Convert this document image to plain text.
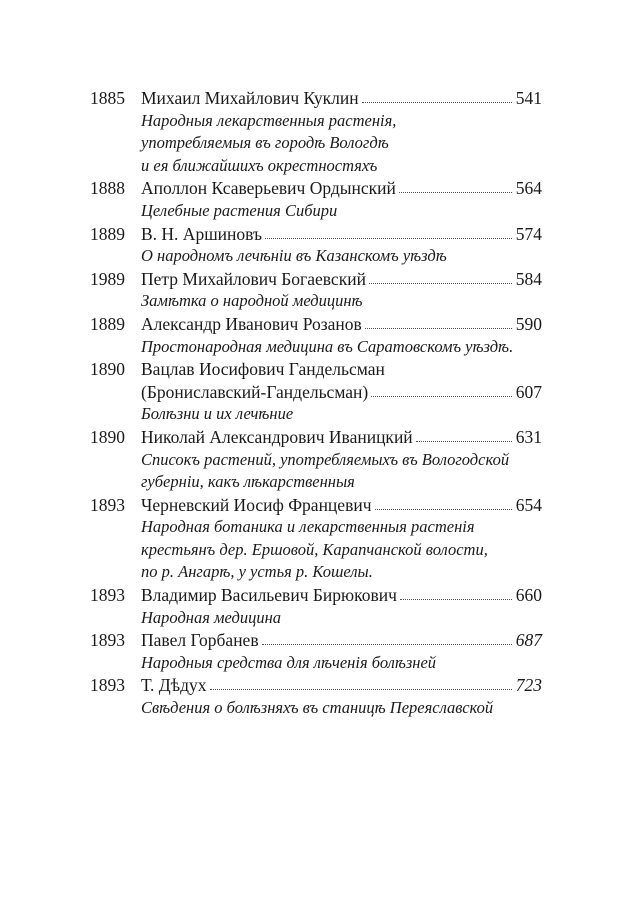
1885 Михаил Михайлович Куклин	541
Народныя лекарственныя растенія,
употребляемыя въ городѣ Вологдѣ
и ея ближайшихъ окрестностяхъ
1888 Аполлон Ксаверьевич Ордынский	564
Целебные растения Сибири
1889 В. Н. Аршиновъ	574
О народномъ лечѣнiи въ Казанскомъ уѣздѣ
1989 Петр Михайлович Богаевский	584
Замѣтка о народной медицинѣ
1889 Александр Иванович Розанов	590
Простонародная медицина въ Саратовскомъ уѣздѣ.
1890 Вацлав Иосифович Гандельсман
(Брониславский-Гандельсман)	607
Болѣзни и их лечѣние
1890 Николай Александрович Иваницкий	631
Списокъ растений, употребляемыхъ въ Вологодской
губернiи, какъ лѣкарственныя
1893 Черневский Иосиф Францевич	654
Народная ботаника и лекарственныя растенія
крестьянъ дер. Ершовой, Карапчанской волости,
по р. Ангарѣ, у устья р. Кошелы.
1893 Владимир Васильевич Бирюкович	660
Народная медицина
1893 Павел Горбанев	687
Народныя средства для лѣченія болѣзней
1893 Т. Дѣдух	723
Свѣдения о болѣзняхъ въ станицѣ Переяславской
